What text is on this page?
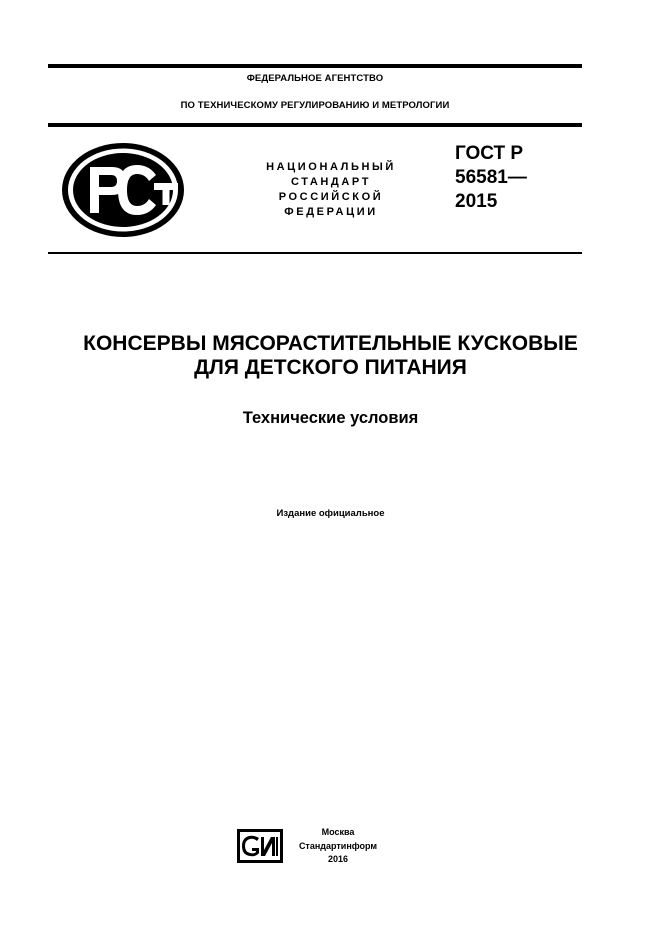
ФЕДЕРАЛЬНОЕ АГЕНТСТВО
ПО ТЕХНИЧЕСКОМУ РЕГУЛИРОВАНИЮ И МЕТРОЛОГИИ
НАЦИОНАЛЬНЫЙ
СТАНДАРТ
РОССИЙСКОЙ
ФЕДЕРАЦИИ
ГОСТ Р
56581—
2015
КОНСЕРВЫ МЯСОРАСТИТЕЛЬНЫЕ КУСКОВЫЕ
ДЛЯ ДЕТСКОГО ПИТАНИЯ
Технические условия
Издание официальное
Москва
Стандартинформ
2016
